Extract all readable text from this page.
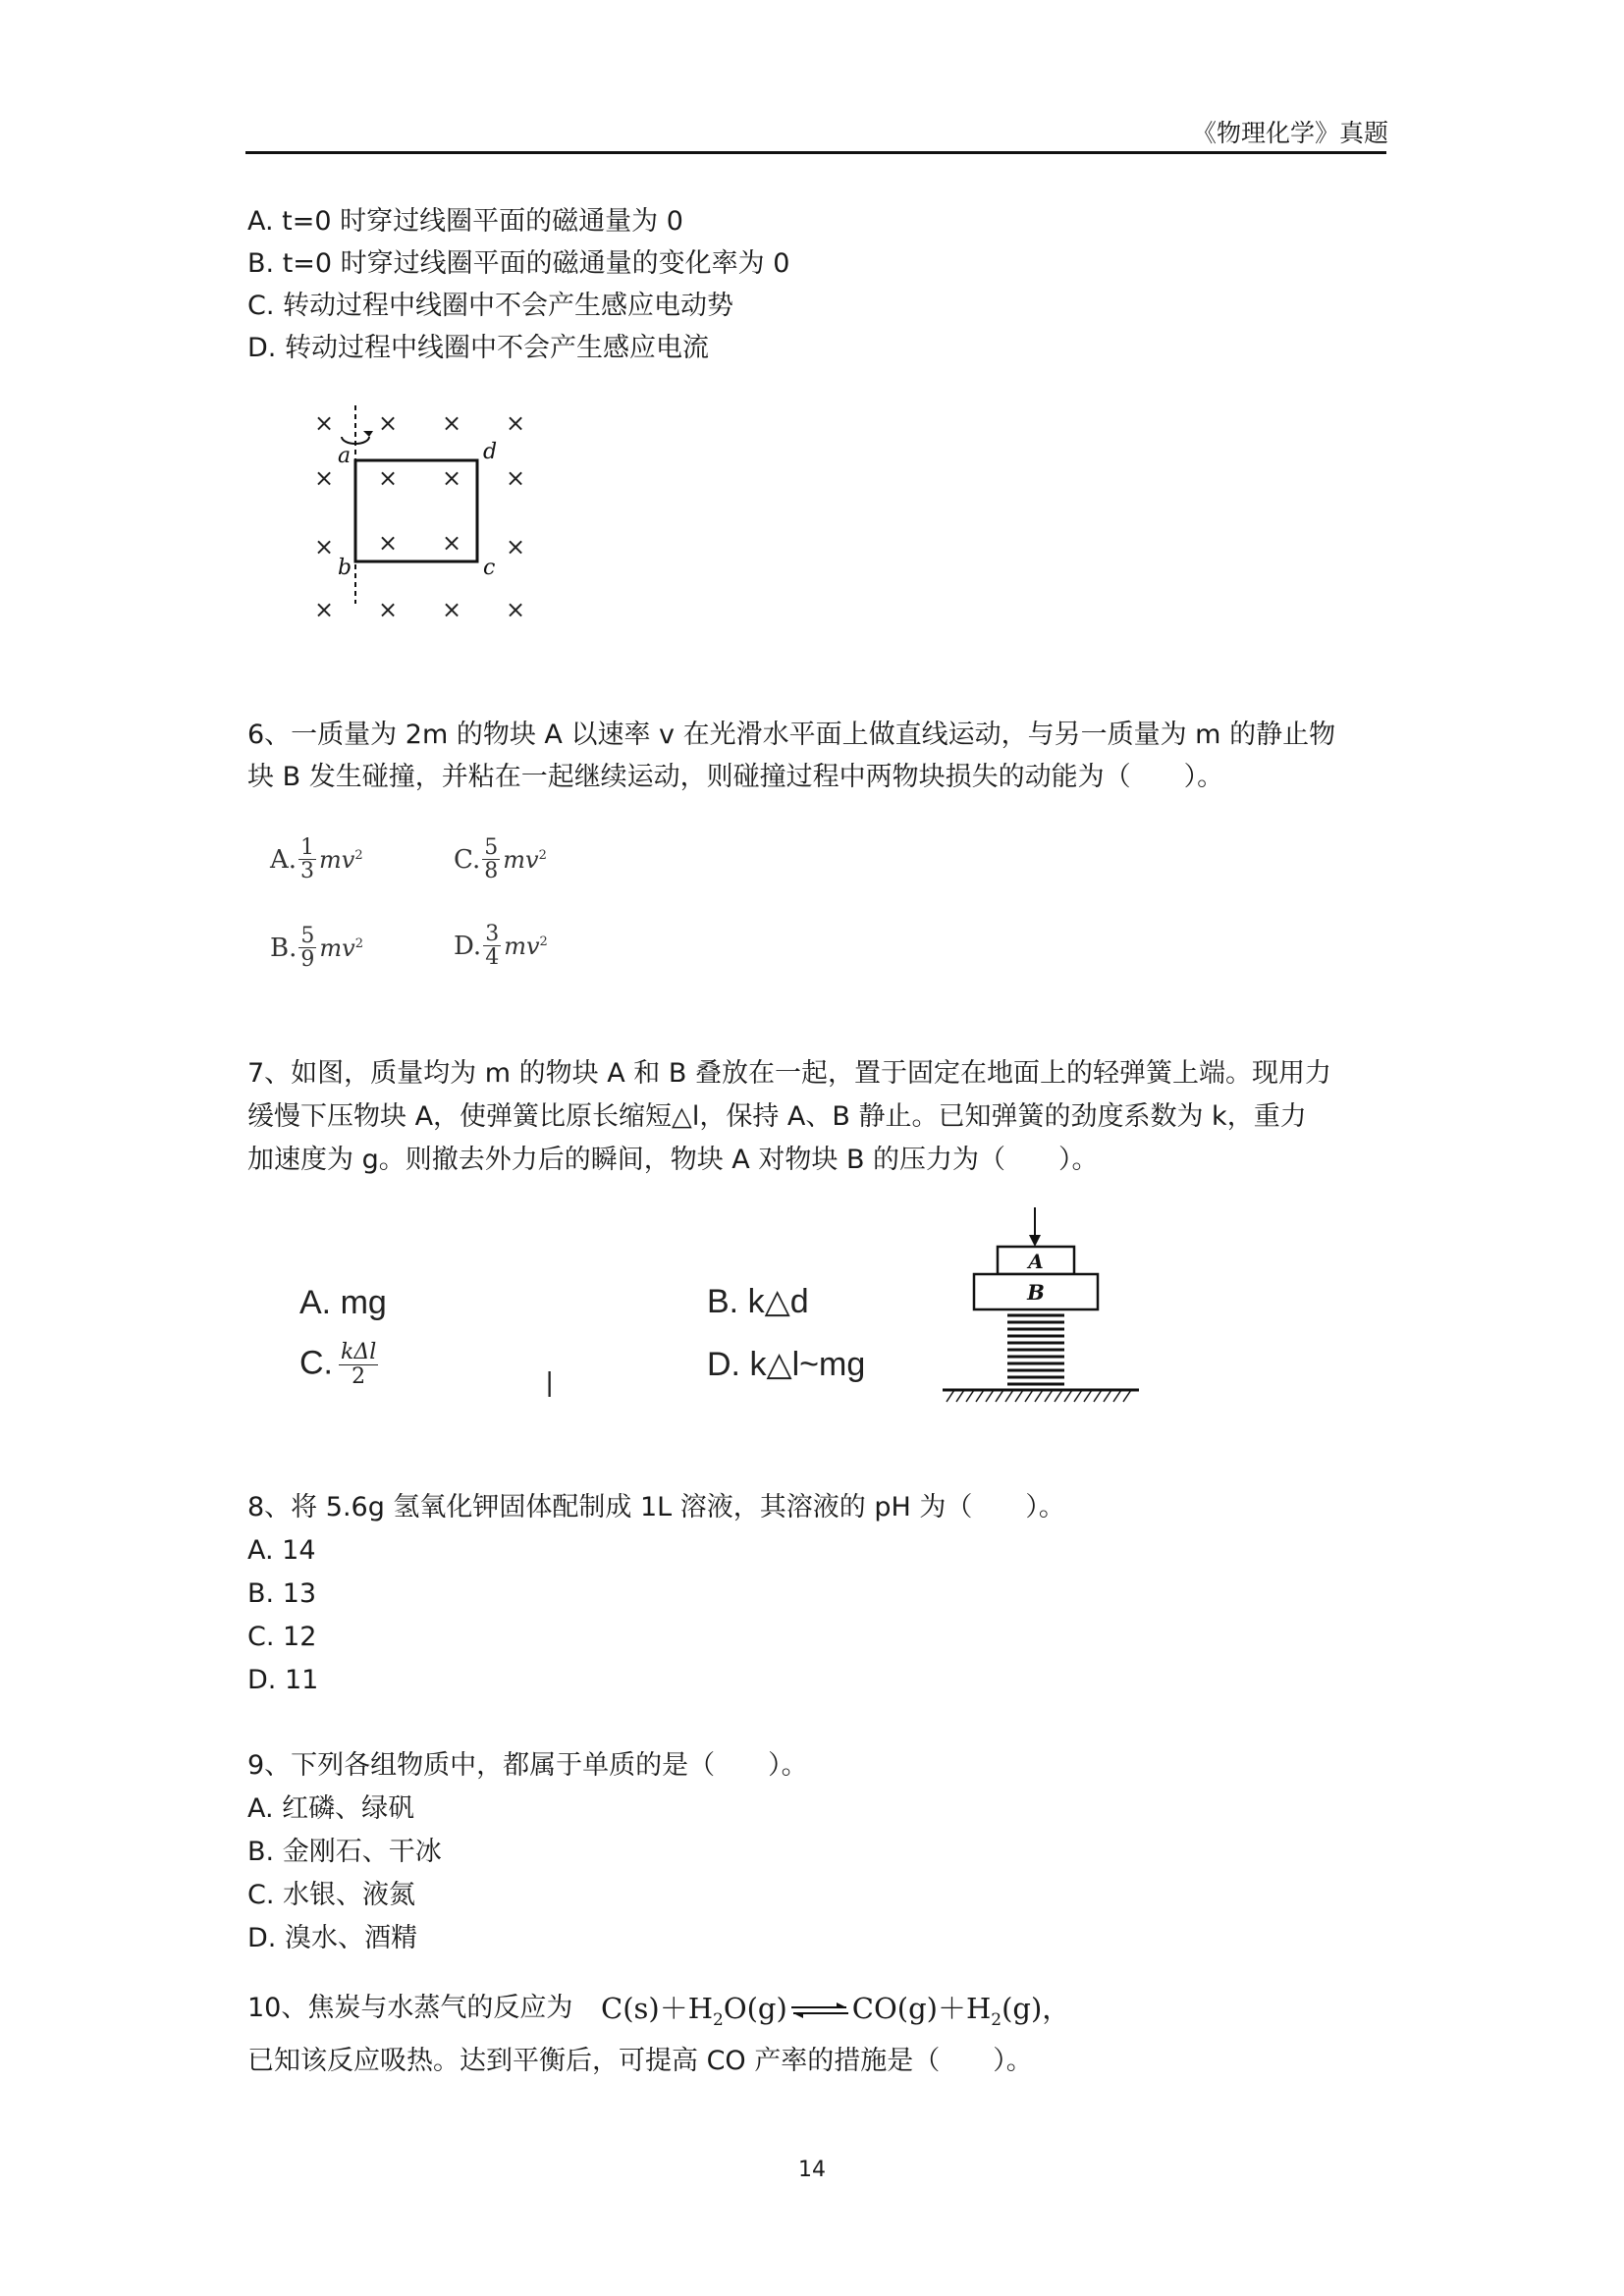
《物理化学》真题
A. t=0 时穿过线圈平面的磁通量为 0
B. t=0 时穿过线圈平面的磁通量的变化率为 0
C. 转动过程中线圈中不会产生感应电动势
D. 转动过程中线圈中不会产生感应电流
× × × ×
× × × ×
× × × ×
× × × ×
a	d
b	c
6、一质量为 2m 的物块 A 以速率 v 在光滑水平面上做直线运动，与另一质量为 m 的静止物
块 B 发生碰撞，并粘在一起继续运动，则碰撞过程中两物块损失的动能为（　　）。
A. $\frac{1}{3} mv^2$	C. $\frac{5}{8} mv^2$
B. $\frac{5}{9} mv^2$	D. $\frac{3}{4} mv^2$
7、如图，质量均为 m 的物块 A 和 B 叠放在一起，置于固定在地面上的轻弹簧上端。现用力
缓慢下压物块 A，使弹簧比原长缩短△l，保持 A、B 静止。已知弹簧的劲度系数为 k，重力
加速度为 g。则撤去外力后的瞬间，物块 A 对物块 B 的压力为（　　）。
A. mg	B. k△d
C. $\frac{\text{kΔl}}{2}$	|	D. k△l~mg
A
B
8、将 5.6g 氢氧化钾固体配制成 1L 溶液，其溶液的 pH 为（　　）。
A. 14
B. 13
C. 12
D. 11
9、下列各组物质中，都属于单质的是（　　）。
A. 红磷、绿矾
B. 金刚石、干冰
C. 水银、液氮
D. 溴水、酒精
10、焦炭与水蒸气的反应为 $C(s)+H_2O(g)$ $CO(g)+H_2(g)$，
已知该反应吸热。达到平衡后，可提高 CO 产率的措施是（　　）。
14
